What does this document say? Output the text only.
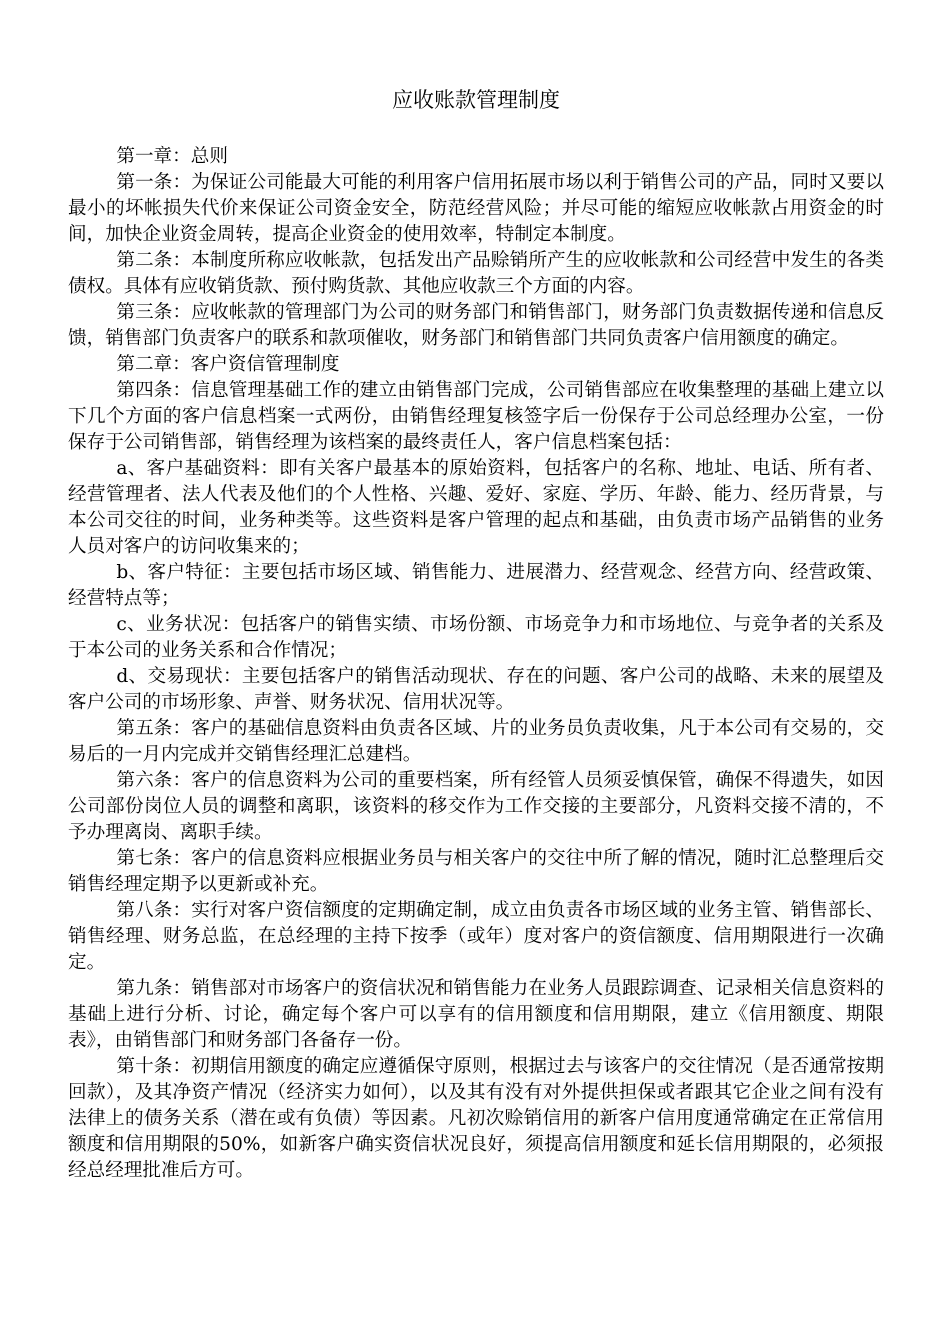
应收账款管理制度

第一章：总则

第一条：为保证公司能最大可能的利用客户信用拓展市场以利于销售公司的产品，同时又要以最小的坏帐损失代价来保证公司资金安全，防范经营风险；并尽可能的缩短应收帐款占用资金的时间，加快企业资金周转，提高企业资金的使用效率，特制定本制度。

第二条：本制度所称应收帐款，包括发出产品赊销所产生的应收帐款和公司经营中发生的各类债权。具体有应收销货款、预付购货款、其他应收款三个方面的内容。

第三条：应收帐款的管理部门为公司的财务部门和销售部门，财务部门负责数据传递和信息反馈，销售部门负责客户的联系和款项催收，财务部门和销售部门共同负责客户信用额度的确定。

第二章：客户资信管理制度

第四条：信息管理基础工作的建立由销售部门完成，公司销售部应在收集整理的基础上建立以下几个方面的客户信息档案一式两份，由销售经理复核签字后一份保存于公司总经理办公室，一份保存于公司销售部，销售经理为该档案的最终责任人，客户信息档案包括：

a、客户基础资料：即有关客户最基本的原始资料，包括客户的名称、地址、电话、所有者、经营管理者、法人代表及他们的个人性格、兴趣、爱好、家庭、学历、年龄、能力、经历背景，与本公司交往的时间，业务种类等。这些资料是客户管理的起点和基础，由负责市场产品销售的业务人员对客户的访问收集来的；

b、客户特征：主要包括市场区域、销售能力、进展潜力、经营观念、经营方向、经营政策、经营特点等；

c、业务状况：包括客户的销售实绩、市场份额、市场竞争力和市场地位、与竞争者的关系及于本公司的业务关系和合作情况；

d、交易现状：主要包括客户的销售活动现状、存在的问题、客户公司的战略、未来的展望及客户公司的市场形象、声誉、财务状况、信用状况等。

第五条：客户的基础信息资料由负责各区域、片的业务员负责收集，凡于本公司有交易的，交易后的一月内完成并交销售经理汇总建档。

第六条：客户的信息资料为公司的重要档案，所有经管人员须妥慎保管，确保不得遗失，如因公司部份岗位人员的调整和离职，该资料的移交作为工作交接的主要部分，凡资料交接不清的，不予办理离岗、离职手续。

第七条：客户的信息资料应根据业务员与相关客户的交往中所了解的情况，随时汇总整理后交销售经理定期予以更新或补充。

第八条：实行对客户资信额度的定期确定制，成立由负责各市场区域的业务主管、销售部长、销售经理、财务总监，在总经理的主持下按季（或年）度对客户的资信额度、信用期限进行一次确定。

第九条：销售部对市场客户的资信状况和销售能力在业务人员跟踪调查、记录相关信息资料的基础上进行分析、讨论，确定每个客户可以享有的信用额度和信用期限，建立《信用额度、期限表》，由销售部门和财务部门各备存一份。

第十条：初期信用额度的确定应遵循保守原则，根据过去与该客户的交往情况（是否通常按期回款），及其净资产情况（经济实力如何），以及其有没有对外提供担保或者跟其它企业之间有没有法律上的债务关系（潜在或有负债）等因素。凡初次赊销信用的新客户信用度通常确定在正常信用额度和信用期限的50%，如新客户确实资信状况良好，须提高信用额度和延长信用期限的，必须报经总经理批准后方可。
